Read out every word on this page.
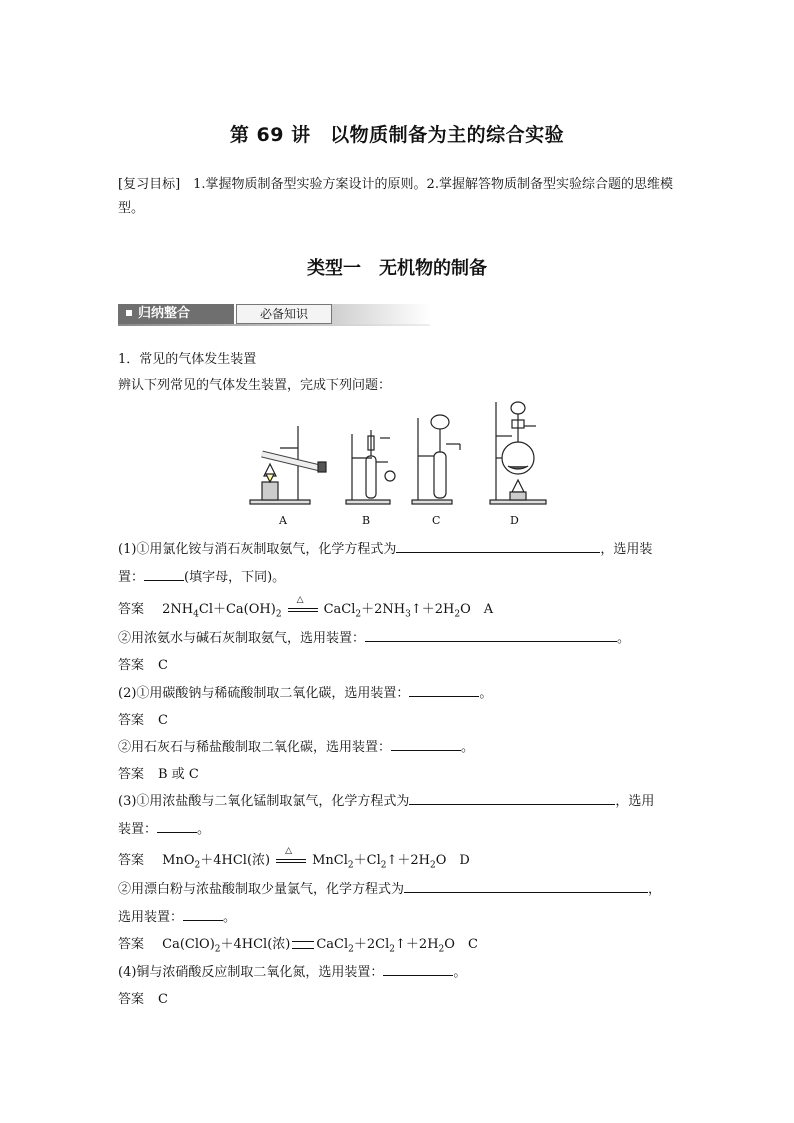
第 69 讲　以物质制备为主的综合实验
[复习目标]　1.掌握物质制备型实验方案设计的原则。2.掌握解答物质制备型实验综合题的思维模型。
类型一　无机物的制备
归纳整合	必备知识
1．常见的气体发生装置
辨认下列常见的气体发生装置，完成下列问题：
A	B	C	D
(1)①用氯化铵与消石灰制取氨气，化学方程式为	，选用装
置：	(填字母，下同)。
答案 $2NH_4Cl+Ca(OH)_2$
△
$CaCl_2+2NH_3↑+2H_2O$　A
②用浓氨水与碱石灰制取氨气，选用装置：	。
答案 C
(2)①用碳酸钠与稀硫酸制取二氧化碳，选用装置：	。
答案 C
②用石灰石与稀盐酸制取二氧化碳，选用装置：	。
答案 B 或 C
(3)①用浓盐酸与二氧化锰制取氯气，化学方程式为	，选用
装置：	。
答案 MnO$_2$＋4HCl(浓)
△
$MnCl_2+Cl_2↑+2H_2O$　D
②用漂白粉与浓盐酸制取少量氯气，化学方程式为	，
选用装置：	。
答案 $Ca(ClO)_2+4HCl$(浓) $CaCl_2+2Cl_2↑+2H_2O$　C
(4)铜与浓硝酸反应制取二氧化氮，选用装置：	。
答案 C
